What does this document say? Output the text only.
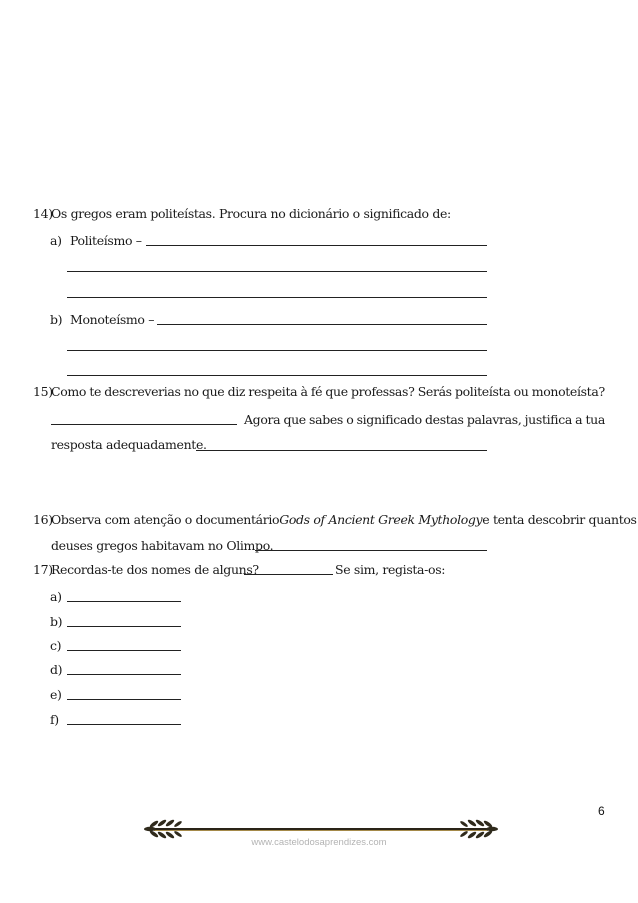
14)
Os gregos eram politeístas. Procura no dicionário o significado de:
a) Politeísmo –
b) Monoteísmo –
15)
Como te descreverias no que diz respeita à fé que professas? Serás politeísta ou monoteísta?
Agora que sabes o significado destas palavras, justifica a tua
resposta adequadamente.
16)
Observa com atenção o documentário Gods of Ancient Greek Mythology e tenta descobrir quantos
deuses gregos habitavam no Olimpo.
17)
Recordas-te dos nomes de alguns?	Se sim, regista-os:
a)
b)
c)
d)
e)
f)
6
www.castelodosaprendizes.com
